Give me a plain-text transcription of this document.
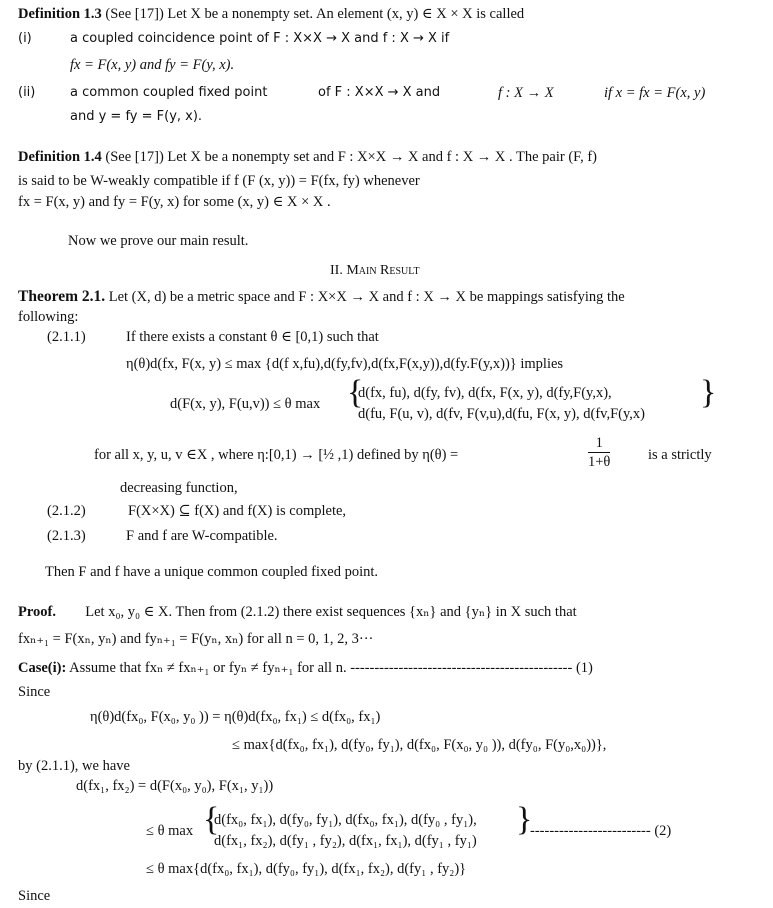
Definition 1.3 (See [17]) Let X be a nonempty set. An element (x, y) ∈ X × X is called
(i)	a coupled coincidence point of F : X×X → X and f : X → X if
fx = F(x, y) and fy = F(y, x).
(ii)	a common coupled fixed point	of F : X×X → X and	f : X → X	if x = fx = F(x, y)
and y = fy = F(y, x).
Definition 1.4 (See [17]) Let X be a nonempty set and F : X×X → X and f : X → X . The pair (F, f)
is said to be W-weakly compatible if f (F (x, y)) = F(fx, fy) whenever
fx = F(x, y) and fy = F(y, x) for some (x, y) ∈ X × X .
Now we prove our main result.
II. Main Result
Theorem 2.1. Let (X, d) be a metric space and F : X×X → X and f : X → X be mappings satisfying the
following:
(2.1.1)	If there exists a constant θ ∈ [0,1) such that
η(θ)d(fx, F(x, y) ≤ max {d(f x,fu),d(fy,fv),d(fx,F(x,y)),d(fy.F(y,x))} implies
d(F(x, y), F(u,v)) ≤ θ max {
d(fx, fu), d(fy, fv), d(fx, F(x, y), d(fy,F(y,x),
d(fu, F(u, v), d(fv, F(v,u),d(fu, F(x, y), d(fv,F(y,x)
}
for all x, y, u, v ∈X , where η:[0,1) → [½ ,1) defined by η(θ) =	$\frac{1}{1+\theta}$	is a strictly
decreasing function,
(2.1.2)	F(X×X) ⊆ f(X) and f(X) is complete,
(2.1.3)	F and f are W-compatible.
Then F and f have a unique common coupled fixed point.
Proof. Let x₀, y₀ ∈ X. Then from (2.1.2) there exist sequences {xₙ} and {yₙ} in X such that
fxₙ₊₁ = F(xₙ, yₙ) and fyₙ₊₁ = F(yₙ, xₙ) for all n = 0, 1, 2, 3···
Case(i): Assume that fxₙ ≠ fxₙ₊₁ or fyₙ ≠ fyₙ₊₁ for all n. ---------------------------------------------- (1)
Since
η(θ)d(fx₀, F(x₀, y₀ )) = η(θ)d(fx₀, fx₁) ≤ d(fx₀, fx₁)
≤ max{d(fx₀, fx₁), d(fy₀, fy₁), d(fx₀, F(x₀, y₀ )), d(fy₀, F(y₀,x₀))},
by (2.1.1), we have
d(fx₁, fx₂) = d(F(x₀, y₀), F(x₁, y₁))
≤ θ max {
d(fx₀, fx₁), d(fy₀, fy₁), d(fx₀, fx₁), d(fy₀ , fy₁),
d(fx₁, fx₂), d(fy₁ , fy₂), d(fx₁, fx₁), d(fy₁ , fy₁)
}
------------------------- (2)
≤ θ max{d(fx₀, fx₁), d(fy₀, fy₁), d(fx₁, fx₂), d(fy₁ , fy₂)}
Since
